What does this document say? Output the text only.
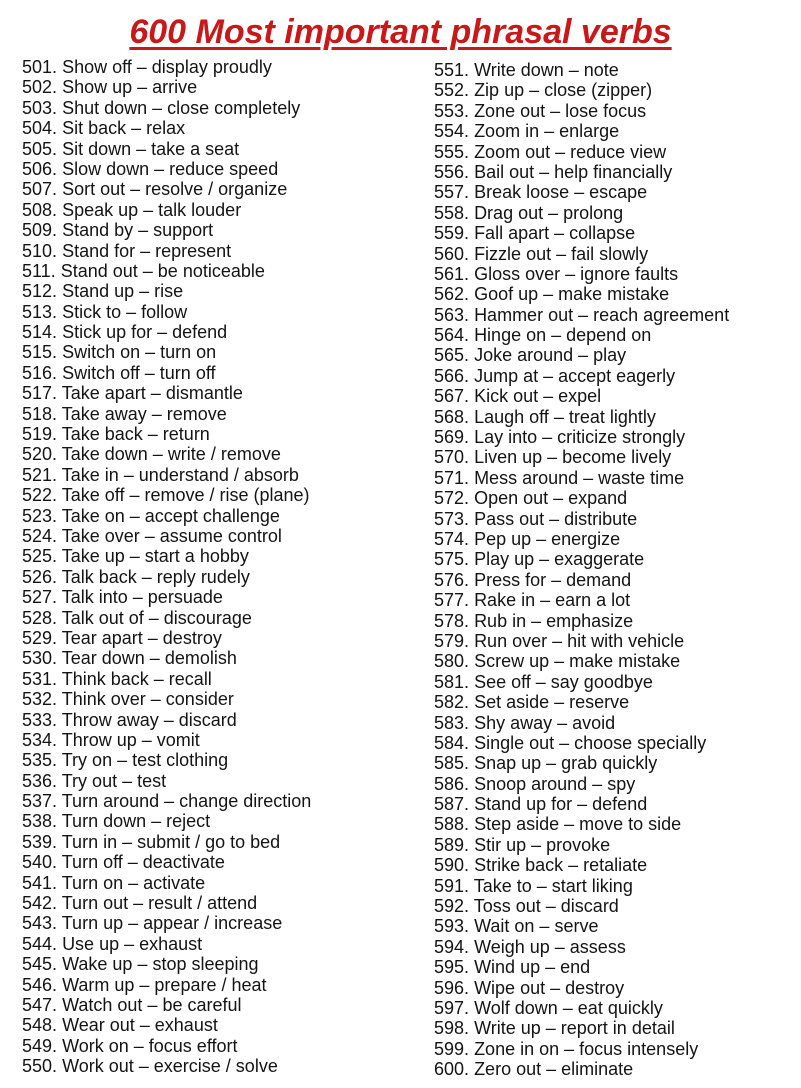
600 Most important phrasal verbs
501. Show off – display proudly
502. Show up – arrive
503. Shut down – close completely
504. Sit back – relax
505. Sit down – take a seat
506. Slow down – reduce speed
507. Sort out – resolve / organize
508. Speak up – talk louder
509. Stand by – support
510. Stand for – represent
511. Stand out – be noticeable
512. Stand up – rise
513. Stick to – follow
514. Stick up for – defend
515. Switch on – turn on
516. Switch off – turn off
517. Take apart – dismantle
518. Take away – remove
519. Take back – return
520. Take down – write / remove
521. Take in – understand / absorb
522. Take off – remove / rise (plane)
523. Take on – accept challenge
524. Take over – assume control
525. Take up – start a hobby
526. Talk back – reply rudely
527. Talk into – persuade
528. Talk out of – discourage
529. Tear apart – destroy
530. Tear down – demolish
531. Think back – recall
532. Think over – consider
533. Throw away – discard
534. Throw up – vomit
535. Try on – test clothing
536. Try out – test
537. Turn around – change direction
538. Turn down – reject
539. Turn in – submit / go to bed
540. Turn off – deactivate
541. Turn on – activate
542. Turn out – result / attend
543. Turn up – appear / increase
544. Use up – exhaust
545. Wake up – stop sleeping
546. Warm up – prepare / heat
547. Watch out – be careful
548. Wear out – exhaust
549. Work on – focus effort
550. Work out – exercise / solve
551. Write down – note
552. Zip up – close (zipper)
553. Zone out – lose focus
554. Zoom in – enlarge
555. Zoom out – reduce view
556. Bail out – help financially
557. Break loose – escape
558. Drag out – prolong
559. Fall apart – collapse
560. Fizzle out – fail slowly
561. Gloss over – ignore faults
562. Goof up – make mistake
563. Hammer out – reach agreement
564. Hinge on – depend on
565. Joke around – play
566. Jump at – accept eagerly
567. Kick out – expel
568. Laugh off – treat lightly
569. Lay into – criticize strongly
570. Liven up – become lively
571. Mess around – waste time
572. Open out – expand
573. Pass out – distribute
574. Pep up – energize
575. Play up – exaggerate
576. Press for – demand
577. Rake in – earn a lot
578. Rub in – emphasize
579. Run over – hit with vehicle
580. Screw up – make mistake
581. See off – say goodbye
582. Set aside – reserve
583. Shy away – avoid
584. Single out – choose specially
585. Snap up – grab quickly
586. Snoop around – spy
587. Stand up for – defend
588. Step aside – move to side
589. Stir up – provoke
590. Strike back – retaliate
591. Take to – start liking
592. Toss out – discard
593. Wait on – serve
594. Weigh up – assess
595. Wind up – end
596. Wipe out – destroy
597. Wolf down – eat quickly
598. Write up – report in detail
599. Zone in on – focus intensely
600. Zero out – eliminate
